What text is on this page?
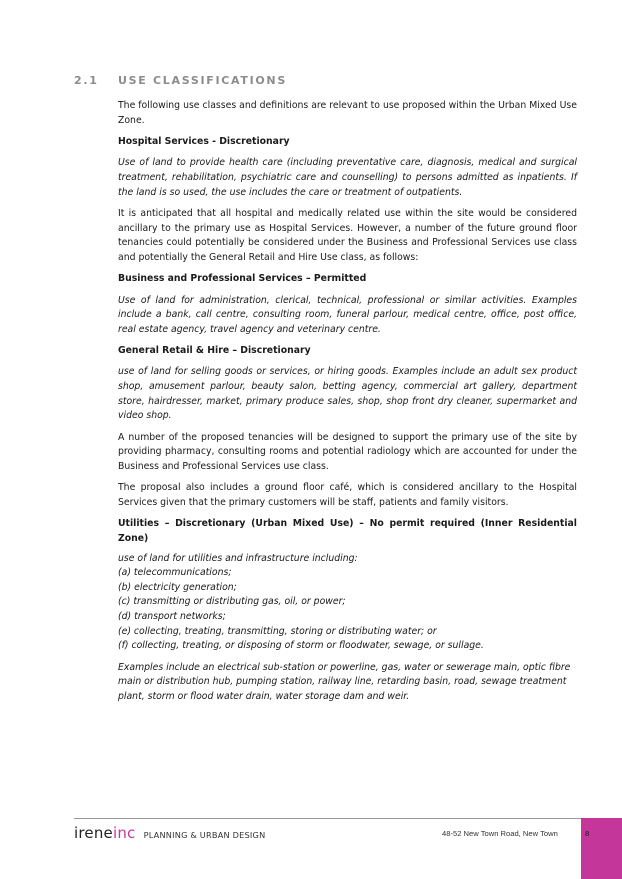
2.1 USE CLASSIFICATIONS

The following use classes and definitions are relevant to use proposed within the Urban Mixed Use Zone.

Hospital Services - Discretionary

Use of land to provide health care (including preventative care, diagnosis, medical and surgical treatment, rehabilitation, psychiatric care and counselling) to persons admitted as inpatients. If the land is so used, the use includes the care or treatment of outpatients.

It is anticipated that all hospital and medically related use within the site would be considered ancillary to the primary use as Hospital Services. However, a number of the future ground floor tenancies could potentially be considered under the Business and Professional Services use class and potentially the General Retail and Hire Use class, as follows:

Business and Professional Services – Permitted

Use of land for administration, clerical, technical, professional or similar activities. Examples include a bank, call centre, consulting room, funeral parlour, medical centre, office, post office, real estate agency, travel agency and veterinary centre.

General Retail & Hire – Discretionary

use of land for selling goods or services, or hiring goods. Examples include an adult sex product shop, amusement parlour, beauty salon, betting agency, commercial art gallery, department store, hairdresser, market, primary produce sales, shop, shop front dry cleaner, supermarket and video shop.

A number of the proposed tenancies will be designed to support the primary use of the site by providing pharmacy, consulting rooms and potential radiology which are accounted for under the Business and Professional Services use class.

The proposal also includes a ground floor café, which is considered ancillary to the Hospital Services given that the primary customers will be staff, patients and family visitors.

Utilities – Discretionary (Urban Mixed Use) – No permit required (Inner Residential Zone)

use of land for utilities and infrastructure including:

(a) telecommunications;

(b) electricity generation;

(c) transmitting or distributing gas, oil, or power;

(d) transport networks;

(e) collecting, treating, transmitting, storing or distributing water; or

(f) collecting, treating, or disposing of storm or floodwater, sewage, or sullage.

Examples include an electrical sub-station or powerline, gas, water or sewerage main, optic fibre main or distribution hub, pumping station, railway line, retarding basin, road, sewage treatment plant, storm or flood water drain, water storage dam and weir.

ireneinc PLANNING & URBAN DESIGN	48-52 New Town Road, New Town	8
